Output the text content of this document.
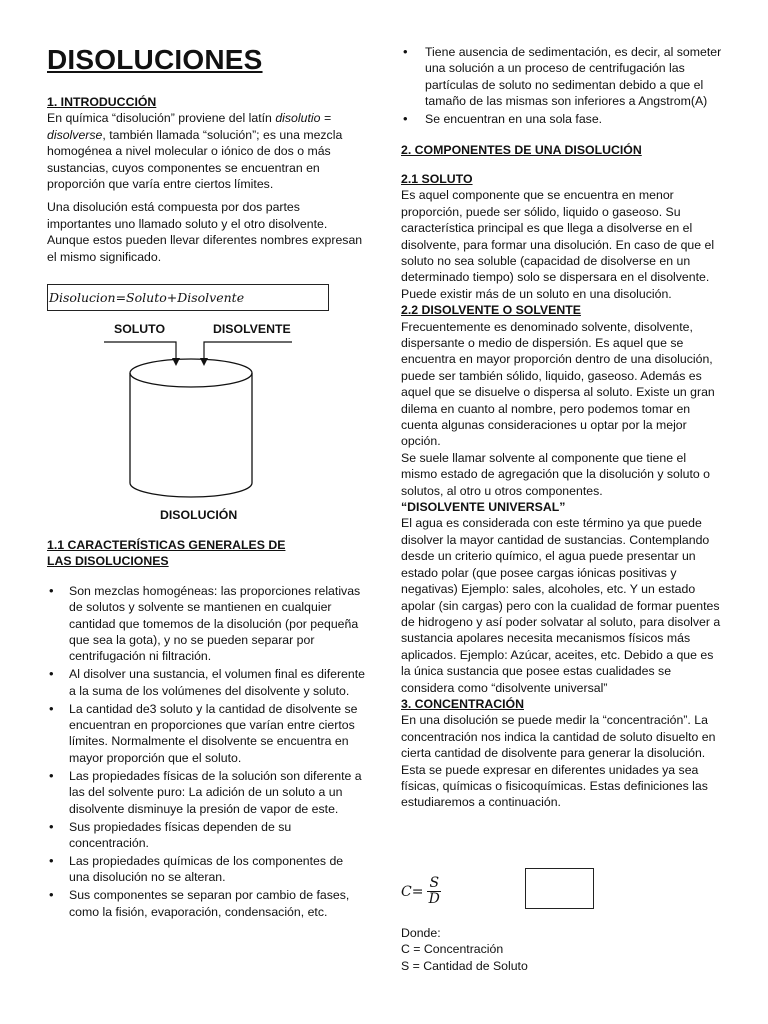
DISOLUCIONES
1. INTRODUCCIÓN

En química “disolución” proviene del latín disolutio = disolverse, también llamada “solución”; es una mezcla homogénea a nivel molecular o iónico de dos o más sustancias, cuyos componentes se encuentran en proporción que varía entre ciertos límites.

Una disolución está compuesta por dos partes importantes uno llamado soluto y el otro disolvente. Aunque estos pueden llevar diferentes nombres expresan el mismo significado.

Disolucion=Soluto+Disolvente
SOLUTO	DISOLVENTE
DISOLUCIÓN
1.1 CARACTERÍSTICAS GENERALES DE LAS DISOLUCIONES
• Son mezclas homogéneas: las proporciones relativas de solutos y solvente se mantienen en cualquier cantidad que tomemos de la disolución (por pequeña que sea la gota), y no se pueden separar por centrifugación ni filtración.
• Al disolver una sustancia, el volumen final es diferente a la suma de los volúmenes del disolvente y soluto.
• La cantidad de3 soluto y la cantidad de disolvente se encuentran en proporciones que varían entre ciertos límites. Normalmente el disolvente se encuentra en mayor proporción que el soluto.
• Las propiedades físicas de la solución son diferente a las del solvente puro: La adición de un soluto a un disolvente disminuye la presión de vapor de este.
• Sus propiedades físicas dependen de su concentración.
• Las propiedades químicas de los componentes de una disolución no se alteran.
• Sus componentes se separan por cambio de fases, como la fisión, evaporación, condensación, etc.
• Tiene ausencia de sedimentación, es decir, al someter una solución a un proceso de centrifugación las partículas de soluto no sedimentan debido a que el tamaño de las mismas son inferiores a Angstrom(A)
• Se encuentran en una sola fase.
2. COMPONENTES DE UNA DISOLUCIÓN
2.1 SOLUTO

Es aquel componente que se encuentra en menor proporción, puede ser sólido, liquido o gaseoso. Su característica principal es que llega a disolverse en el disolvente, para formar una disolución. En caso de que el soluto no sea soluble (capacidad de disolverse en un determinado tiempo) solo se dispersara en el disolvente. Puede existir más de un soluto en una disolución.

2.2 DISOLVENTE O SOLVENTE

Frecuentemente es denominado solvente, disolvente, dispersante o medio de dispersión. Es aquel que se encuentra en mayor proporción dentro de una disolución, puede ser también sólido, liquido, gaseoso. Además es aquel que se disuelve o dispersa al soluto. Existe un gran dilema en cuanto al nombre, pero podemos tomar en cuenta algunas consideraciones u optar por la mejor opción.

Se suele llamar solvente al componente que tiene el mismo estado de agregación que la disolución y soluto o solutos, al otro u otros componentes.

“DISOLVENTE UNIVERSAL”

El agua es considerada con este término ya que puede disolver la mayor cantidad de sustancias. Contemplando desde un criterio químico, el agua puede presentar un estado polar (que posee cargas iónicas positivas y negativas) Ejemplo: sales, alcoholes, etc. Y un estado apolar (sin cargas) pero con la cualidad de formar puentes de hidrogeno y así poder solvatar al soluto, para disolver a sustancia apolares necesita mecanismos físicos más aplicados. Ejemplo: Azúcar, aceites, etc. Debido a que es la única sustancia que posee estas cualidades se considera como “disolvente universal”

3. CONCENTRACIÓN

En una disolución se puede medir la “concentración”. La concentración nos indica la cantidad de soluto disuelto en cierta cantidad de disolvente para generar la disolución. Esta se puede expresar en diferentes unidades ya sea físicas, químicas o fisicoquímicas. Estas definiciones las estudiaremos a continuación.

$C= \frac{S}{D}$
Donde:
C = Concentración
S = Cantidad de Soluto
